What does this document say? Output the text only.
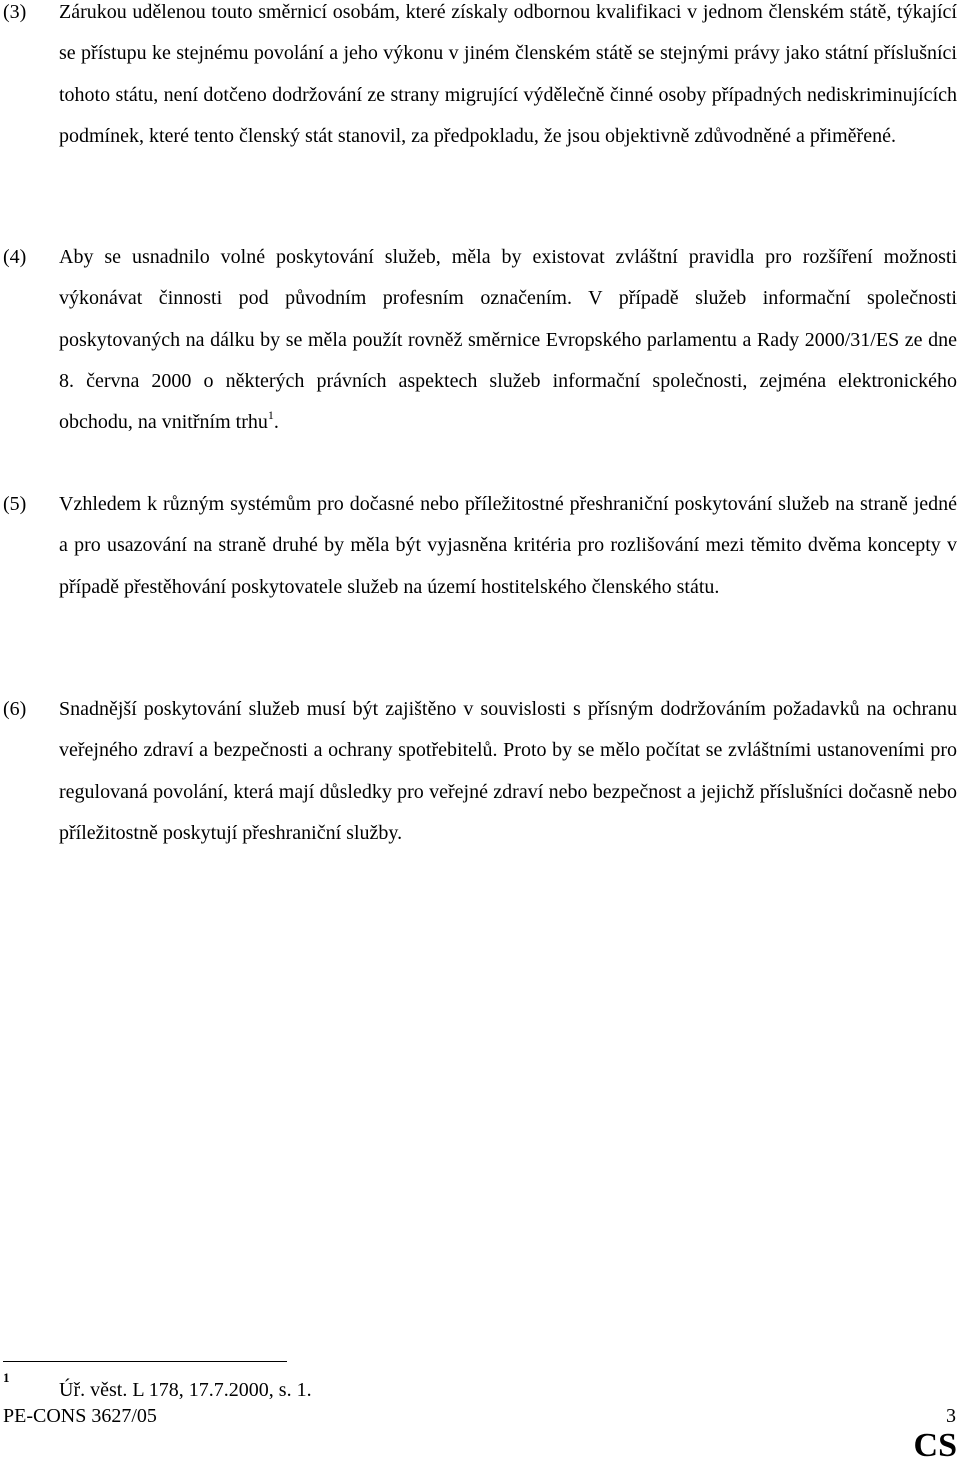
(3) Zárukou udělenou touto směrnicí osobám, které získaly odbornou kvalifikaci v jednom členském státě, týkající se přístupu ke stejnému povolání a jeho výkonu v jiném členském státě se stejnými právy jako státní příslušníci tohoto státu, není dotčeno dodržování ze strany migrující výdělečně činné osoby případných nediskriminujících podmínek, které tento členský stát stanovil, za předpokladu, že jsou objektivně zdůvodněné a přiměřené.
(4) Aby se usnadnilo volné poskytování služeb, měla by existovat zvláštní pravidla pro rozšíření možnosti výkonávat činnosti pod původním profesním označením. V případě služeb informační společnosti poskytovaných na dálku by se měla použít rovněž směrnice Evropského parlamentu a Rady 2000/31/ES ze dne 8. června 2000 o některých právních aspektech služeb informační společnosti, zejména elektronického obchodu, na vnitřním trhu$^1$.
(5) Vzhledem k různým systémům pro dočasné nebo příležitostné přeshraniční poskytování služeb na straně jedné a pro usazování na straně druhé by měla být vyjasněna kritéria pro rozlišování mezi těmito dvěma koncepty v případě přestěhování poskytovatele služeb na území hostitelského členského státu.
(6) Snadnější poskytování služeb musí být zajištěno v souvislosti s přísným dodržováním požadavků na ochranu veřejného zdraví a bezpečnosti a ochrany spotřebitelů. Proto by se mělo počítat se zvláštními ustanoveními pro regulovaná povolání, která mají důsledky pro veřejné zdraví nebo bezpečnost a jejichž příslušníci dočasně nebo příležitostně poskytují přeshraniční služby.
1
Úř. věst. L 178, 17.7.2000, s. 1.
PE-CONS 3627/05	3
CS
